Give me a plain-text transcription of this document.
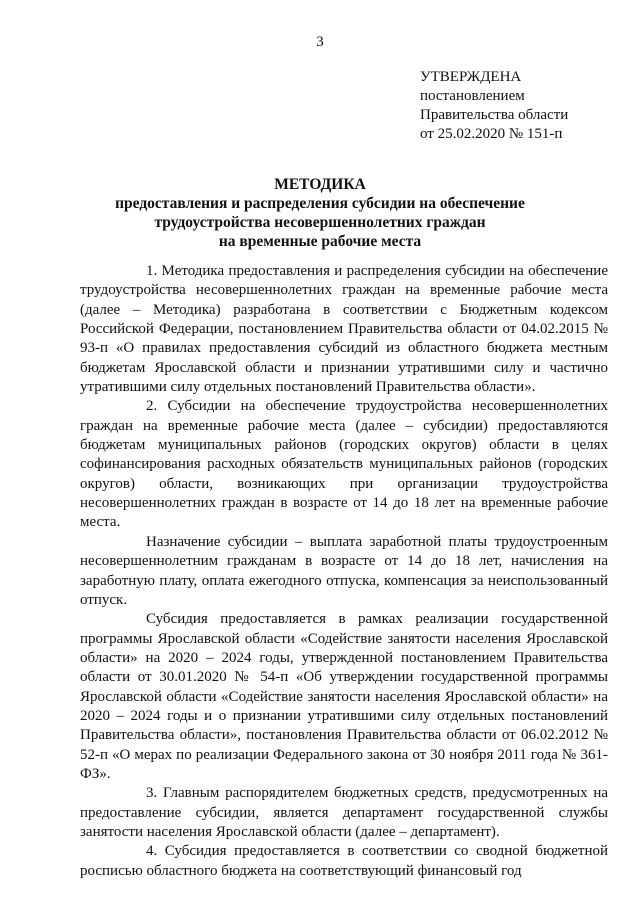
3
УТВЕРЖДЕНА
постановлением
Правительства области
от 25.02.2020 № 151-п
МЕТОДИКА
предоставления и распределения субсидии на обеспечение
трудоустройства несовершеннолетних граждан
на временные рабочие места

1. Методика предоставления и распределения субсидии на обеспечение трудоустройства несовершеннолетних граждан на временные рабочие места (далее – Методика) разработана в соответствии с Бюджетным кодексом Российской Федерации, постановлением Правительства области от 04.02.2015 № 93-п «О правилах предоставления субсидий из областного бюджета местным бюджетам Ярославской области и признании утратившими силу и частично утратившими силу отдельных постановлений Правительства области».

2. Субсидии на обеспечение трудоустройства несовершеннолетних граждан на временные рабочие места (далее – субсидии) предоставляются бюджетам муниципальных районов (городских округов) области в целях софинансирования расходных обязательств муниципальных районов (городских округов) области, возникающих при организации трудоустройства несовершеннолетних граждан в возрасте от 14 до 18 лет на временные рабочие места.

Назначение субсидии – выплата заработной платы трудоустроенным несовершеннолетним гражданам в возрасте от 14 до 18 лет, начисления на заработную плату, оплата ежегодного отпуска, компенсация за неиспользованный отпуск.

Субсидия предоставляется в рамках реализации государственной программы Ярославской области «Содействие занятости населения Ярославской области» на 2020 – 2024 годы, утвержденной постановлением Правительства области от 30.01.2020 № 54-п «Об утверждении государственной программы Ярославской области «Содействие занятости населения Ярославской области» на 2020 – 2024 годы и о признании утратившими силу отдельных постановлений Правительства области», постановления Правительства области от 06.02.2012 № 52-п «О мерах по реализации Федерального закона от 30 ноября 2011 года № 361-ФЗ».

3. Главным распорядителем бюджетных средств, предусмотренных на предоставление субсидии, является департамент государственной службы занятости населения Ярославской области (далее – департамент).

4. Субсидия предоставляется в соответствии со сводной бюджетной росписью областного бюджета на соответствующий финансовый год
